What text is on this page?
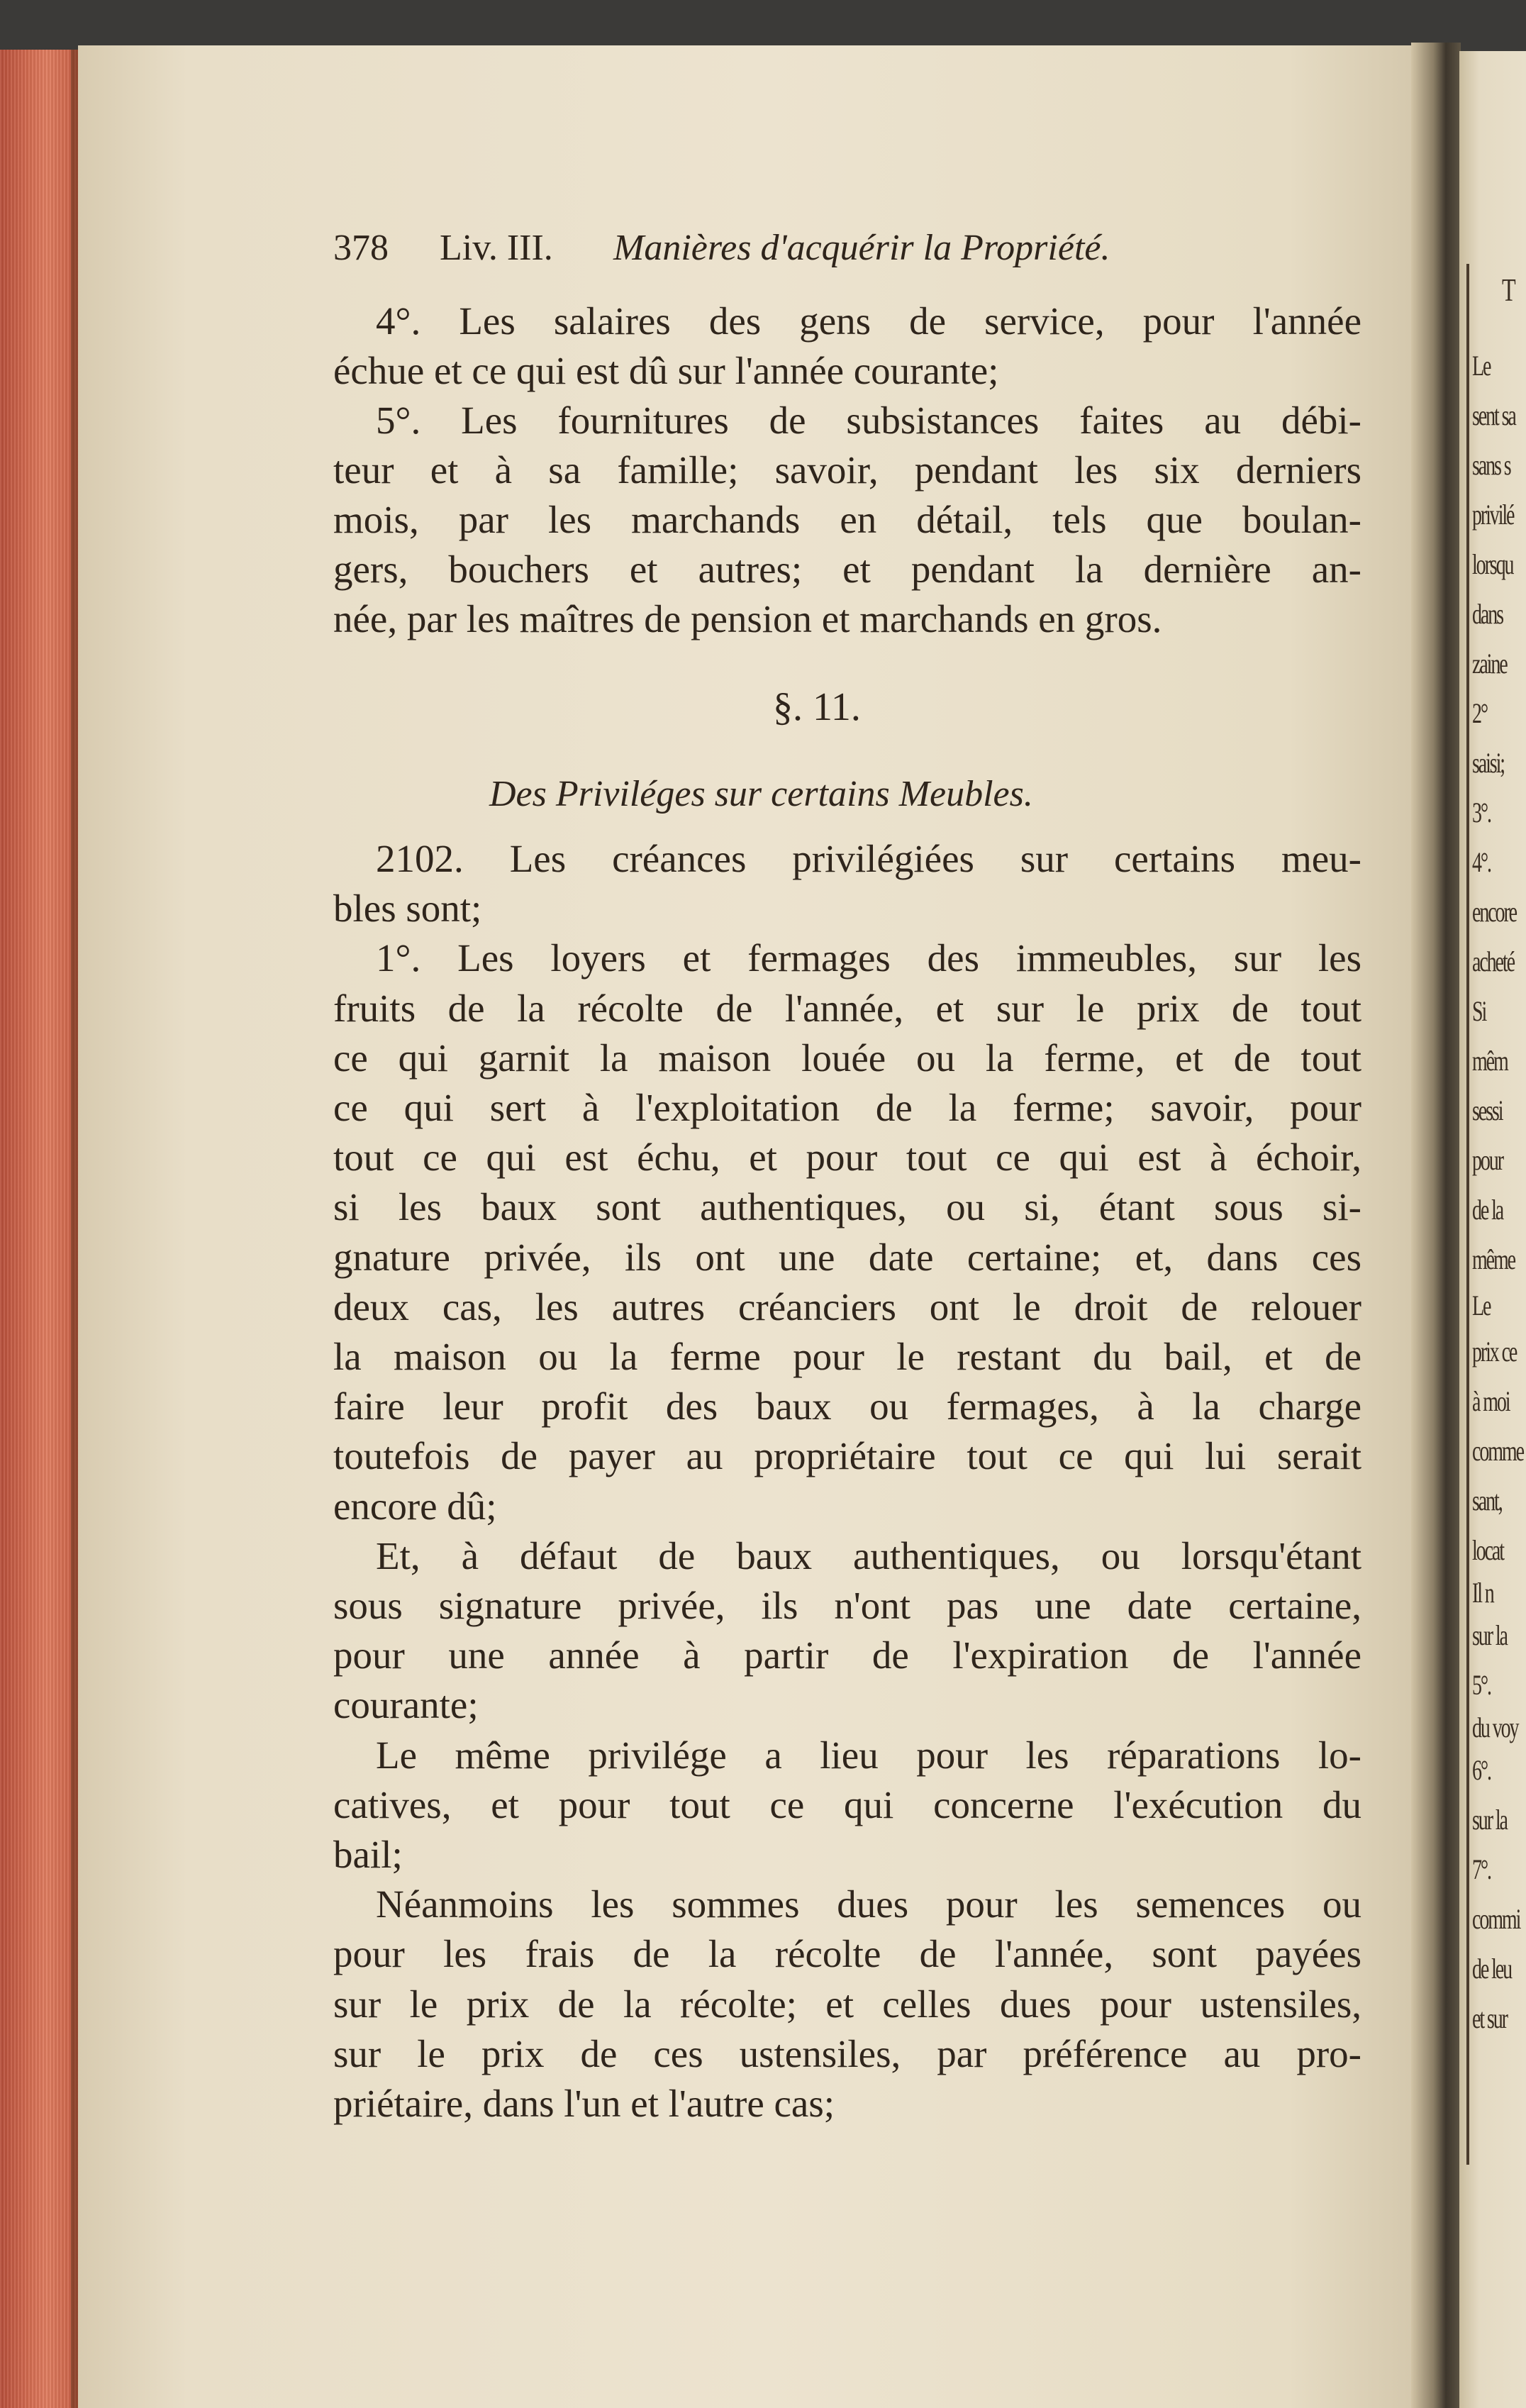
T
Le
sent sa
sans s
privilé
lorsqu
dans
zaine
2°
saisi;
3°.
4°.
encore
acheté
Si
mêm
sessi
pour
de la
même
Le
prix ce
à moi
comme
sant,
locat
Il n
sur la
5°.
du voy
6°.
sur la
7°.
commi
de leu
et sur
378 Liv. III. Manières d'acquérir la Propriété.
4°. Les salaires des gens de service, pour l'année
échue et ce qui est dû sur l'année courante;
5°. Les fournitures de subsistances faites au débi-
teur et à sa famille; savoir, pendant les six derniers
mois, par les marchands en détail, tels que boulan-
gers, bouchers et autres; et pendant la dernière an-
née, par les maîtres de pension et marchands en gros.
§. 11.
Des Priviléges sur certains Meubles.
2102. Les créances privilégiées sur certains meu-
bles sont;
1°. Les loyers et fermages des immeubles, sur les
fruits de la récolte de l'année, et sur le prix de tout
ce qui garnit la maison louée ou la ferme, et de tout
ce qui sert à l'exploitation de la ferme; savoir, pour
tout ce qui est échu, et pour tout ce qui est à échoir,
si les baux sont authentiques, ou si, étant sous si-
gnature privée, ils ont une date certaine; et, dans ces
deux cas, les autres créanciers ont le droit de relouer
la maison ou la ferme pour le restant du bail, et de
faire leur profit des baux ou fermages, à la charge
toutefois de payer au propriétaire tout ce qui lui serait
encore dû;
Et, à défaut de baux authentiques, ou lorsqu'étant
sous signature privée, ils n'ont pas une date certaine,
pour une année à partir de l'expiration de l'année
courante;
Le même privilége a lieu pour les réparations lo-
catives, et pour tout ce qui concerne l'exécution du
bail;
Néanmoins les sommes dues pour les semences ou
pour les frais de la récolte de l'année, sont payées
sur le prix de la récolte; et celles dues pour ustensiles,
sur le prix de ces ustensiles, par préférence au pro-
priétaire, dans l'un et l'autre cas;
